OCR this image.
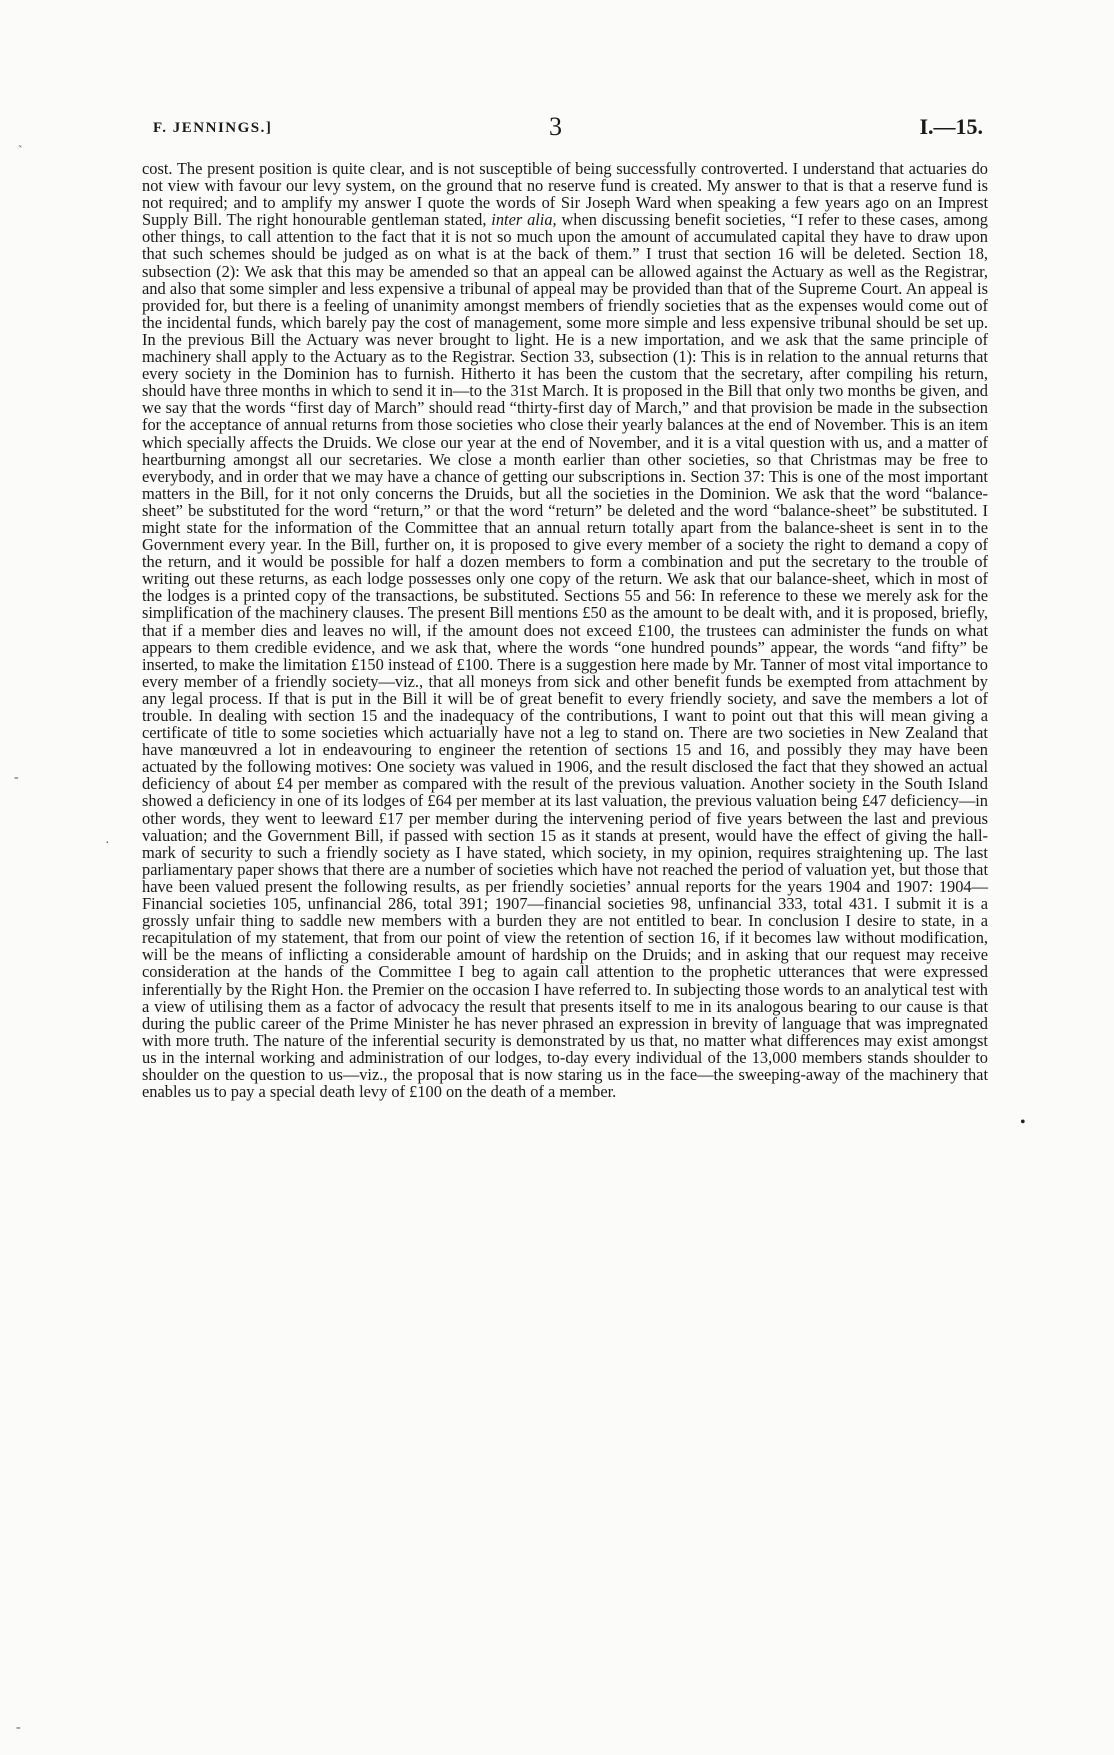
F. JENNINGS.]	3	I.—15.

cost. The present position is quite clear, and is not susceptible of being successfully controverted. I understand that actuaries do not view with favour our levy system, on the ground that no reserve fund is created. My answer to that is that a reserve fund is not required; and to amplify my answer I quote the words of Sir Joseph Ward when speaking a few years ago on an Imprest Supply Bill. The right honourable gentleman stated, inter alia, when discussing benefit societies, “I refer to these cases, among other things, to call attention to the fact that it is not so much upon the amount of accumulated capital they have to draw upon that such schemes should be judged as on what is at the back of them.” I trust that section 16 will be deleted. Section 18, subsection (2): We ask that this may be amended so that an appeal can be allowed against the Actuary as well as the Registrar, and also that some simpler and less expensive a tribunal of appeal may be provided than that of the Supreme Court. An appeal is provided for, but there is a feeling of unanimity amongst members of friendly societies that as the expenses would come out of the incidental funds, which barely pay the cost of management, some more simple and less expensive tribunal should be set up. In the previous Bill the Actuary was never brought to light. He is a new importation, and we ask that the same principle of machinery shall apply to the Actuary as to the Registrar. Section 33, subsection (1): This is in relation to the annual returns that every society in the Dominion has to furnish. Hitherto it has been the custom that the secretary, after compiling his return, should have three months in which to send it in—to the 31st March. It is proposed in the Bill that only two months be given, and we say that the words “first day of March” should read “thirty-first day of March,” and that provision be made in the subsection for the acceptance of annual returns from those societies who close their yearly balances at the end of November. This is an item which specially affects the Druids. We close our year at the end of November, and it is a vital question with us, and a matter of heartburning amongst all our secretaries. We close a month earlier than other societies, so that Christmas may be free to everybody, and in order that we may have a chance of getting our subscriptions in. Section 37: This is one of the most important matters in the Bill, for it not only concerns the Druids, but all the societies in the Dominion. We ask that the word “balance-sheet” be substituted for the word “return,” or that the word “return” be deleted and the word “balance-sheet” be substituted. I might state for the information of the Committee that an annual return totally apart from the balance-sheet is sent in to the Government every year. In the Bill, further on, it is proposed to give every member of a society the right to demand a copy of the return, and it would be possible for half a dozen members to form a combination and put the secretary to the trouble of writing out these returns, as each lodge possesses only one copy of the return. We ask that our balance-sheet, which in most of the lodges is a printed copy of the transactions, be substituted. Sections 55 and 56: In reference to these we merely ask for the simplification of the machinery clauses. The present Bill mentions £50 as the amount to be dealt with, and it is proposed, briefly, that if a member dies and leaves no will, if the amount does not exceed £100, the trustees can administer the funds on what appears to them credible evidence, and we ask that, where the words “one hundred pounds” appear, the words “and fifty” be inserted, to make the limitation £150 instead of £100. There is a suggestion here made by Mr. Tanner of most vital importance to every member of a friendly society—viz., that all moneys from sick and other benefit funds be exempted from attachment by any legal process. If that is put in the Bill it will be of great benefit to every friendly society, and save the members a lot of trouble. In dealing with section 15 and the inadequacy of the contributions, I want to point out that this will mean giving a certificate of title to some societies which actuarially have not a leg to stand on. There are two societies in New Zealand that have manœuvred a lot in endeavouring to engineer the retention of sections 15 and 16, and possibly they may have been actuated by the following motives: One society was valued in 1906, and the result disclosed the fact that they showed an actual deficiency of about £4 per member as compared with the result of the previous valuation. Another society in the South Island showed a deficiency in one of its lodges of £64 per member at its last valuation, the previous valuation being £47 deficiency—in other words, they went to leeward £17 per member during the intervening period of five years between the last and previous valuation; and the Government Bill, if passed with section 15 as it stands at present, would have the effect of giving the hall-mark of security to such a friendly society as I have stated, which society, in my opinion, requires straightening up. The last parliamentary paper shows that there are a number of societies which have not reached the period of valuation yet, but those that have been valued present the following results, as per friendly societies’ annual reports for the years 1904 and 1907: 1904—Financial societies 105, unfinancial 286, total 391; 1907—financial societies 98, unfinancial 333, total 431. I submit it is a grossly unfair thing to saddle new members with a burden they are not entitled to bear. In conclusion I desire to state, in a recapitulation of my statement, that from our point of view the retention of section 16, if it becomes law without modification, will be the means of inflicting a considerable amount of hardship on the Druids; and in asking that our request may receive consideration at the hands of the Committee I beg to again call attention to the prophetic utterances that were expressed inferentially by the Right Hon. the Premier on the occasion I have referred to. In subjecting those words to an analytical test with a view of utilising them as a factor of advocacy the result that presents itself to me in its analogous bearing to our cause is that during the public career of the Prime Minister he has never phrased an expression in brevity of language that was impregnated with more truth. The nature of the inferential security is demonstrated by us that, no matter what differences may exist amongst us in the internal working and administration of our lodges, to-day every individual of the 13,000 members stands shoulder to shoulder on the question to us—viz., the proposal that is now staring us in the face—the sweeping-away of the machinery that enables us to pay a special death levy of £100 on the death of a member.

˴
‐
·
•
‑
